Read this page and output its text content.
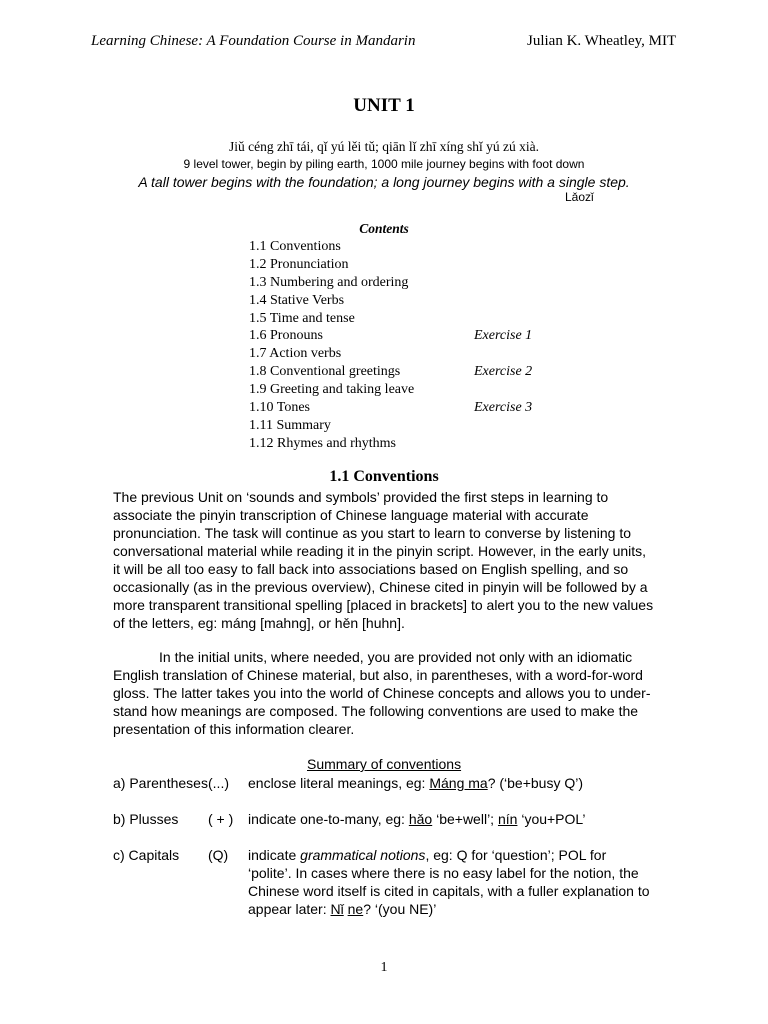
Learning Chinese: A Foundation Course in Mandarin	Julian K. Wheatley, MIT
UNIT 1
Jiǔ céng zhī tái, qǐ yú lěi tǔ; qiān lǐ zhī xíng shǐ yú zú xià.
9 level tower, begin by piling earth, 1000 mile journey begins with foot down
A tall tower begins with the foundation; a long journey begins with a single step.
Lǎozǐ
Contents
1.1 Conventions
1.2 Pronunciation
1.3 Numbering and ordering
1.4 Stative Verbs
1.5 Time and tense
1.6 Pronouns	Exercise 1
1.7 Action verbs
1.8 Conventional greetings	Exercise 2
1.9 Greeting and taking leave
1.10 Tones	Exercise 3
1.11 Summary
1.12 Rhymes and rhythms
1.1 Conventions
The previous Unit on ‘sounds and symbols’ provided the first steps in learning to
associate the pinyin transcription of Chinese language material with accurate
pronunciation. The task will continue as you start to learn to converse by listening to
conversational material while reading it in the pinyin script. However, in the early units,
it will be all too easy to fall back into associations based on English spelling, and so
occasionally (as in the previous overview), Chinese cited in pinyin will be followed by a
more transparent transitional spelling [placed in brackets] to alert you to the new values
of the letters, eg: máng [mahng], or hěn [huhn].
In the initial units, where needed, you are provided not only with an idiomatic
English translation of Chinese material, but also, in parentheses, with a word-for-word
gloss. The latter takes you into the world of Chinese concepts and allows you to under-
stand how meanings are composed. The following conventions are used to make the
presentation of this information clearer.
Summary of conventions
a) Parentheses (...) enclose literal meanings, eg: Máng ma? (‘be+busy Q’)
b) Plusses ( + ) indicate one-to-many, eg: hǎo ‘be+well’; nín ‘you+POL’
c) Capitals (Q) indicate grammatical notions, eg: Q for ‘question’; POL for
‘polite’. In cases where there is no easy label for the notion, the
Chinese word itself is cited in capitals, with a fuller explanation to
appear later: Nǐ ne? ‘(you NE)’
1
